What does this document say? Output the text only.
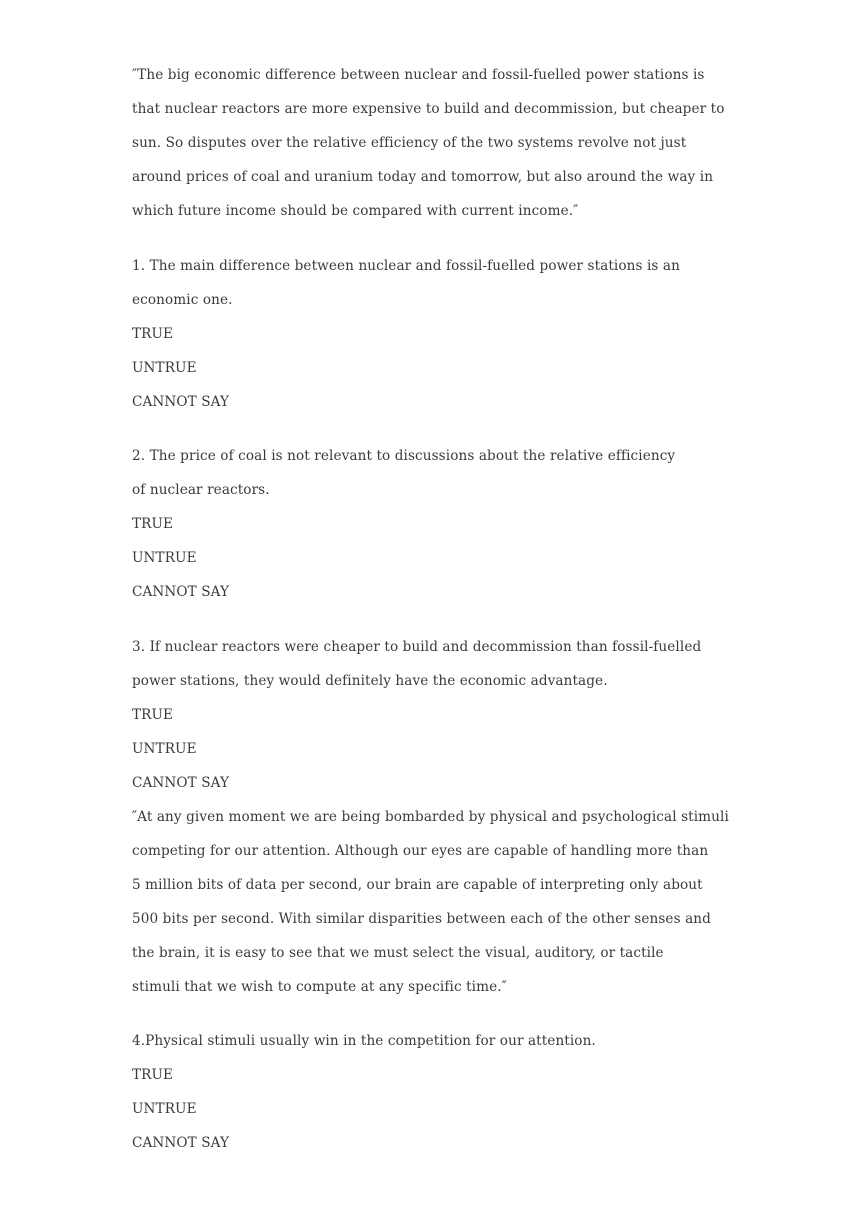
″The big economic difference between nuclear and fossil-fuelled power stations is
that nuclear reactors are more expensive to build and decommission, but cheaper to
sun. So disputes over the relative efficiency of the two systems revolve not just
around prices of coal and uranium today and tomorrow, but also around the way in
which future income should be compared with current income.″
1. The main difference between nuclear and fossil-fuelled power stations is an
economic one.
TRUE
UNTRUE
CANNOT SAY
2. The price of coal is not relevant to discussions about the relative efficiency
of nuclear reactors.
TRUE
UNTRUE
CANNOT SAY
3. If nuclear reactors were cheaper to build and decommission than fossil-fuelled
power stations, they would definitely have the economic advantage.
TRUE
UNTRUE
CANNOT SAY
″At any given moment we are being bombarded by physical and psychological stimuli
competing for our attention. Although our eyes are capable of handling more than
5 million bits of data per second, our brain are capable of interpreting only about
500 bits per second. With similar disparities between each of the other senses and
the brain, it is easy to see that we must select the visual, auditory, or tactile
stimuli that we wish to compute at any specific time.″
4.Physical stimuli usually win in the competition for our attention.
TRUE
UNTRUE
CANNOT SAY
